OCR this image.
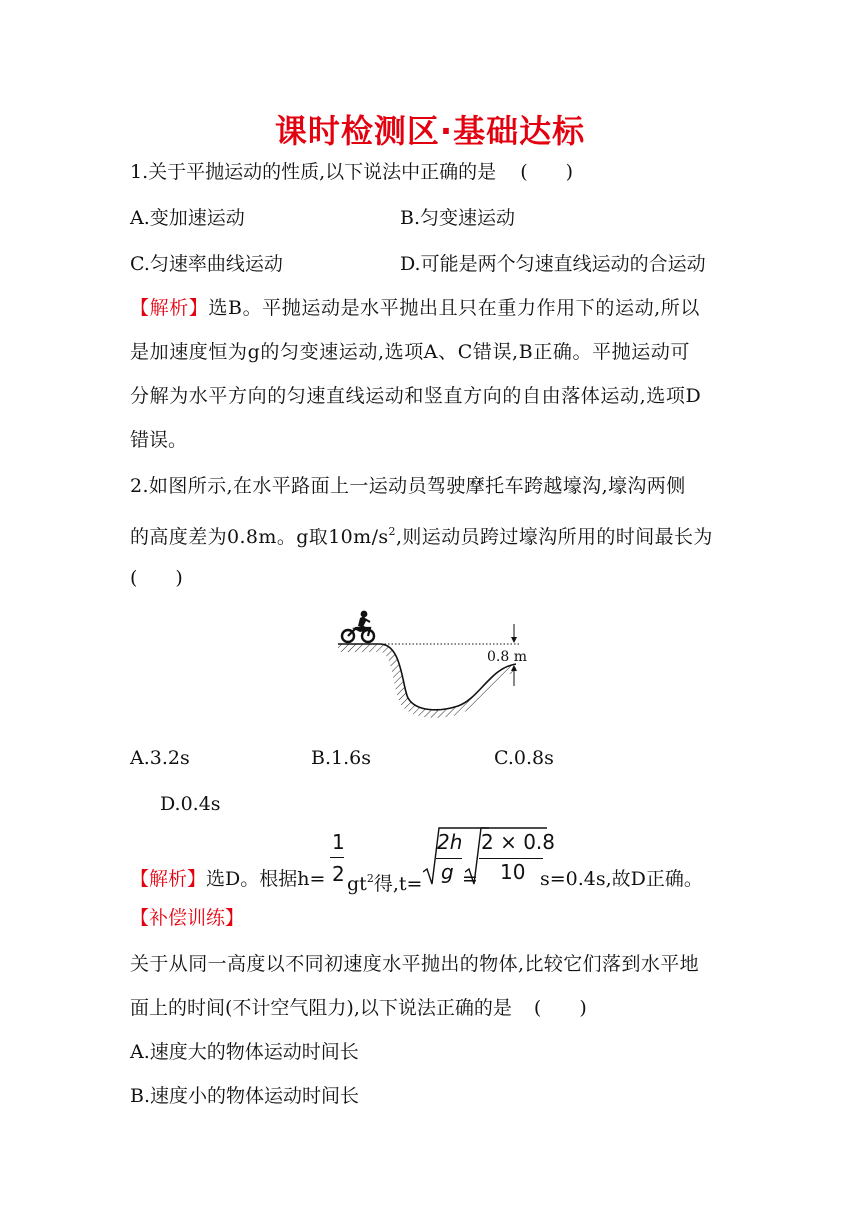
课时检测区·基础达标
1.关于平抛运动的性质,以下说法中正确的是 (　　)
A.变加速运动	B.匀变速运动
C.匀速率曲线运动	D.可能是两个匀速直线运动的合运动
【解析】选B。平抛运动是水平抛出且只在重力作用下的运动,所以
是加速度恒为g的匀变速运动,选项A、C错误,B正确。平抛运动可
分解为水平方向的匀速直线运动和竖直方向的自由落体运动,选项D
错误。
2.如图所示,在水平路面上一运动员驾驶摩托车跨越壕沟,壕沟两侧
的高度差为0.8m。g取$10m/s^2$,则运动员跨过壕沟所用的时间最长为
(　　)
0.8 m
A.3.2s	B.1.6s	C.0.8s
D.0.4s
【解析】选D。根据h=
1
2 $gt^2$得,t=
2h
g =
2 × 0.8
10 s=0.4s,故D正确。
【补偿训练】
关于从同一高度以不同初速度水平抛出的物体,比较它们落到水平地
面上的时间(不计空气阻力),以下说法正确的是 (　　)
A.速度大的物体运动时间长
B.速度小的物体运动时间长
